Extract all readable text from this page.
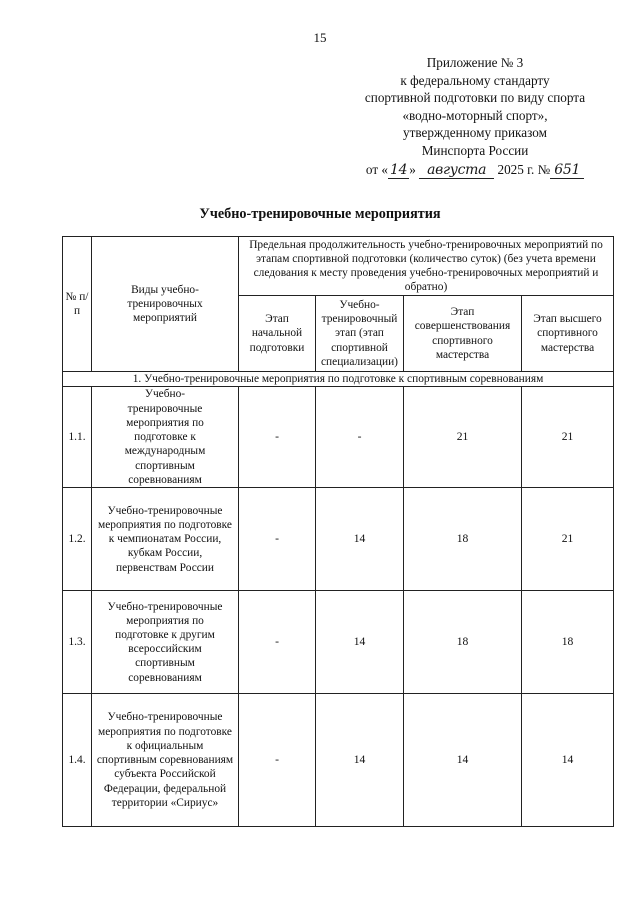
15
Приложение № 3
к федеральному стандарту
спортивной подготовки по виду спорта
«водно-моторный спорт»,
утвержденному приказом
Минспорта России
от « 14 » августа 2025 г. № 651
Учебно-тренировочные мероприятия
№ п/п	Виды учебно-тренировочных мероприятий	Предельная продолжительность учебно-тренировочных мероприятий по этапам спортивной подготовки (количество суток) (без учета времени следования к месту проведения учебно-тренировочных мероприятий и обратно)			
		Этап начальной подготовки	Учебно-тренировочный этап (этап спортивной специализации)	Этап совершенствования спортивного мастерства	Этап высшего спортивного мастерства
1. Учебно-тренировочные мероприятия по подготовке к спортивным соревнованиям					
1.1.	Учебно-тренировочные мероприятия по подготовке к международным спортивным соревнованиям	-	-	21	21
1.2.	Учебно-тренировочные мероприятия по подготовке к чемпионатам России, кубкам России, первенствам России	-	14	18	21
1.3.	Учебно-тренировочные мероприятия по подготовке к другим всероссийским спортивным соревнованиям	-	14	18	18
1.4.	Учебно-тренировочные мероприятия по подготовке к официальным спортивным соревнованиям субъекта Российской Федерации, федеральной территории «Сириус»	-	14	14	14
